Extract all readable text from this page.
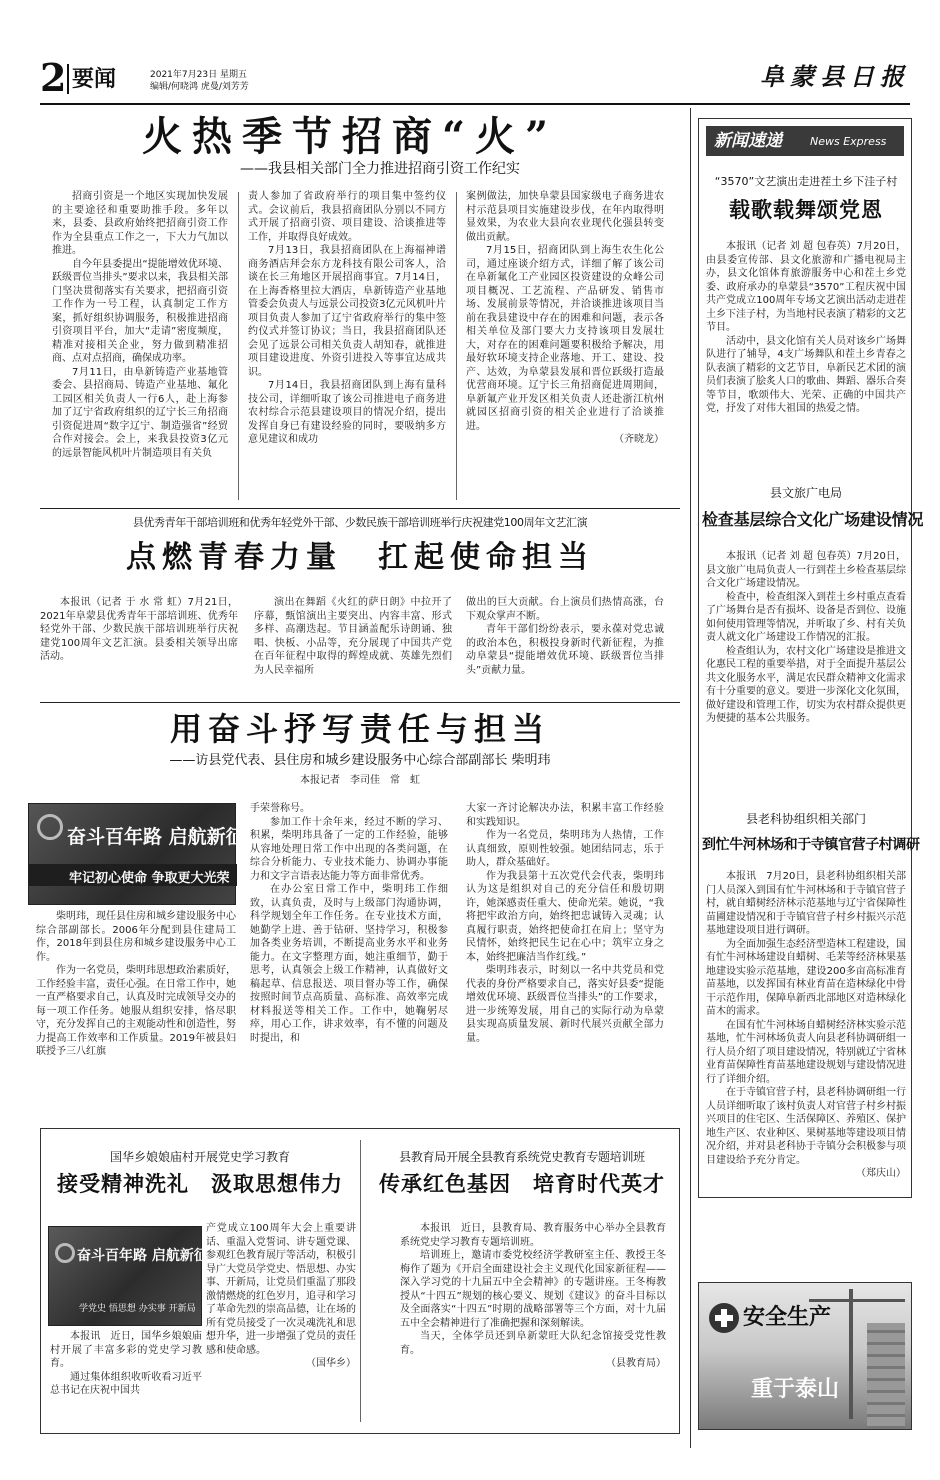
2 要闻	2021年7月23日 星期五
编辑/何晓鸿 虎曼/刘芳芳	阜蒙县日报
火热季节招商“火”
——我县相关部门全力推进招商引资工作纪实

招商引资是一个地区实现加快发展的主要途径和重要助推手段。多年以来，县委、县政府始终把招商引资工作作为全县重点工作之一，下大力气加以推进。

自今年县委提出“提能增效优环境、跃级晋位当排头”要求以来，我县相关部门坚决贯彻落实有关要求，把招商引资工作作为一号工程，认真制定工作方案，抓好组织协调服务，积极推进招商引资项目平台，加大“走请”密度频度，精准对接相关企业，努力做到精准招商、点对点招商，确保成功率。

7月11日，由阜新铸造产业基地管委会、县招商局、铸造产业基地、氟化工园区相关负责人一行6人，赴上海参加了辽宁省政府组织的辽宁长三角招商引资促进周“数字辽宁、制造强省”经贸合作对接会。会上，来我县投资3亿元的远景智能风机叶片制造项目有关负

责人参加了省政府举行的项目集中签约仪式。会议前后，我县招商团队分别以不同方式开展了招商引资、项目建设、洽谈推进等工作，并取得良好成效。

7月13日，我县招商团队在上海福神谱商务酒店拜会东方龙科技有限公司客人，洽谈在长三角地区开展招商事宜。7月14日，在上海香格里拉大酒店，阜新铸造产业基地管委会负责人与远景公司投资3亿元风机叶片项目负责人参加了辽宁省政府举行的集中签约仪式并签订协议；当日，我县招商团队还会见了远景公司相关负责人胡知春，就推进项目建设进度、外资引进投入等事宜达成共识。

7月14日，我县招商团队到上海有量科技公司，详细听取了该公司推进电子商务进农村综合示范县建设项目的情况介绍，提出发挥自身已有建设经验的同时，要吸纳多方意见建议和成功

案例做法，加快阜蒙县国家级电子商务进农村示范县项目实施建设步伐，在年内取得明显效果，为农业大县向农业现代化强县转变做出贡献。

7月15日，招商团队到上海生农生化公司，通过座谈介绍方式，详细了解了该公司在阜新氟化工产业园区投资建设的众峰公司项目概况、工艺流程、产品研发、销售市场、发展前景等情况，并洽谈推进该项目当前在我县建设中存在的困难和问题，表示各相关单位及部门要大力支持该项目发展壮大，对存在的困难问题要积极给予解决，用最好软环境支持企业落地、开工、建设、投产、达效，为阜蒙县发展和晋位跃级打造最优营商环境。辽宁长三角招商促进周期间，阜新氟产业开发区相关负责人还赴浙江杭州就园区招商引资的相关企业进行了洽谈推进。

（齐晓龙）

县优秀青年干部培训班和优秀年轻党外干部、少数民族干部培训班举行庆祝建党100周年文艺汇演
点燃青春力量　扛起使命担当

本报讯（记者 于 水 常 虹）7月21日，2021年阜蒙县优秀青年干部培训班、优秀年轻党外干部、少数民族干部培训班举行庆祝建党100周年文艺汇演。县委相关领导出席活动。

演出在舞蹈《火红的萨日朗》中拉开了序幕，甄馆演出主要突出、内容丰富、形式多样、高潮迭起。节目涵盖配乐诗朗诵、独唱、快板、小品等，充分展现了中国共产党在百年征程中取得的辉煌成就、英雄先烈们为人民幸福所

做出的巨大贡献。台上演员们热情高涨，台下观众掌声不断。

青年干部们纷纷表示，要永葆对党忠诚的政治本色，积极投身新时代新征程，为推动阜蒙县“提能增效优环境、跃级晋位当排头”贡献力量。

用奋斗抒写责任与担当
——访县党代表、县住房和城乡建设服务中心综合部副部长 柴明玮
本报记者　李司佳　常　虹
奋斗百年路 启航新征程
牢记初心使命 争取更大光荣

柴明玮，现任县住房和城乡建设服务中心综合部副部长。2006年分配到县住建局工作，2018年到县住房和城乡建设服务中心工作。

作为一名党员，柴明玮思想政治素质好，工作经验丰富，责任心强。在日常工作中，她一直严格要求自己，认真及时完成领导交办的每一项工作任务。她服从组织安排，恪尽职守，充分发挥自己的主观能动性和创造性，努力提高工作效率和工作质量。2019年被县妇联授予三八红旗

手荣誉称号。

参加工作十余年来，经过不断的学习、积累，柴明玮具备了一定的工作经验，能够从容地处理日常工作中出现的各类问题，在综合分析能力、专业技术能力、协调办事能力和文字言语表达能力等方面非常优秀。

在办公室日常工作中，柴明玮工作细致，认真负责，及时与上级部门沟通协调，科学规划全年工作任务。在专业技术方面，她勤学上进、善于钻研、坚持学习，积极参加各类业务培训，不断提高业务水平和业务能力。在文字整理方面，她注重细节，勤于思考，认真领会上级工作精神，认真做好文稿起草、信息报送、项目督办等工作，确保按照时间节点高质量、高标准、高效率完成材料报送等相关工作。工作中，她鞠躬尽瘁，用心工作，讲求效率，有不懂的问题及时提出，和

大家一齐讨论解决办法，积累丰富工作经验和实践知识。

作为一名党员，柴明玮为人热情，工作认真细致，原则性较强。她团结同志，乐于助人，群众基础好。

作为我县第十五次党代会代表，柴明玮认为这是组织对自己的充分信任和殷切期许，她深感责任重大、使命光荣。她说，“我将把牢政治方向，始终把忠诚铸入灵魂；认真履行职责，始终把使命扛在肩上；坚守为民情怀，始终把民生记在心中；筑牢立身之本，始终把廉洁当作红线。”

柴明玮表示，时刻以一名中共党员和党代表的身份严格要求自己，落实好县委“提能增效优环境、跃级晋位当排头”的工作要求，进一步统筹发展，用自己的实际行动为阜蒙县实现高质量发展、新时代展兴贡献全部力量。

国华乡娘娘庙村开展党史学习教育
接受精神洗礼　汲取思想伟力
奋斗百年路 启航新征程
学党史 悟思想 办实事 开新局

本报讯　近日，国华乡娘娘庙村开展了丰富多彩的党史学习教育。

通过集体组织收听收看习近平总书记在庆祝中国共

产党成立100周年大会上重要讲话、重温入党誓词、讲专题党课、参观红色教育展厅等活动，积极引导广大党员学党史、悟思想、办实事、开新局，让党员们重温了那段激情燃烧的红色岁月，追寻和学习了革命先烈的崇高品德，让在场的所有党员接受了一次灵魂洗礼和思想升华，进一步增强了党员的责任感和使命感。

（国华乡）

县教育局开展全县教育系统党史教育专题培训班
传承红色基因　培育时代英才

本报讯　近日，县教育局、教育服务中心举办全县教育系统党史学习教育专题培训班。

培训班上，邀请市委党校经济学教研室主任、教授王冬梅作了题为《开启全面建设社会主义现代化国家新征程——深入学习党的十九届五中全会精神》的专题讲座。王冬梅教授从“十四五”规划的核心要义、规划《建议》的奋斗目标以及全面落实“十四五”时期的战略部署等三个方面，对十九届五中全会精神进行了准确把握和深刻解读。

当天，全体学员还到阜新蒙旺大队纪念馆接受党性教育。

（县教育局）

新闻速递	News Express
“3570”文艺演出走进茬土乡下洼子村
载歌载舞颂党恩

本报讯（记者 刘 超 包春英）7月20日，由县委宣传部、县文化旅游和广播电视局主办，县文化馆体育旅游服务中心和茬土乡党委、政府承办的阜蒙县“3570”工程庆祝中国共产党成立100周年专场文艺演出活动走进茬土乡下洼子村，为当地村民表演了精彩的文艺节目。

活动中，县文化馆有关人员对该乡广场舞队进行了辅导，4支广场舞队和茬土乡青春之队表演了精彩的文艺节目，阜新民艺术团的演员们表演了脍炙人口的歌曲、舞蹈、器乐合奏等节目，歌颂伟大、光荣、正确的中国共产党，抒发了对伟大祖国的热爱之情。

县文旅广电局
检查基层综合文化广场建设情况

本报讯（记者 刘 超 包春英）7月20日，县文旅广电局负责人一行到茬土乡检查基层综合文化广场建设情况。

检查中，检查组深入到茬土乡村重点查看了广场舞台是否有损坏、设备是否到位、设施如何使用管理等情况，并听取了乡、村有关负责人就文化广场建设工作情况的汇报。

检查组认为，农村文化广场建设是推进文化惠民工程的重要举措，对于全面提升基层公共文化服务水平，满足农民群众精神文化需求有十分重要的意义。要进一步深化文化氛围，做好建设和管理工作，切实为农村群众提供更为便捷的基本公共服务。

县老科协组织相关部门
到忙牛河林场和于寺镇官营子村调研

本报讯　7月20日，县老科协组织相关部门人员深入到国有忙牛河林场和于寺镇官营子村，就自蜡树经济林示范基地与辽宁省保障性苗圃建设情况和于寺镇官营子村乡村振兴示范基地建设项目进行调研。

为全面加强生态经济型造林工程建设，国有忙牛河林场建设自蜡树、毛茉等经济林果基地建设实验示范基地，建设200多亩高标准育苗基地，以发挥国有林业育苗在造林绿化中骨干示范作用，保障阜新西北部地区对造林绿化苗木的需求。

在国有忙牛河林场自蜡树经济林实验示范基地，忙牛河林场负责人向县老科协调研组一行人员介绍了项目建设情况，特别就辽宁省林业育苗保障性育苗基地建设规划与建设情况进行了详细介绍。

在于寺镇官营子村，县老科协调研组一行人员详细听取了该村负责人对官营子村乡村振兴项目的住宅区、生活保障区、养殖区、保护地生产区、农业种区、果树基地等建设项目情况介绍，并对县老科协于寺镇分会积极参与项目建设给予充分肯定。

（郑庆山）

安全生产
重于泰山
